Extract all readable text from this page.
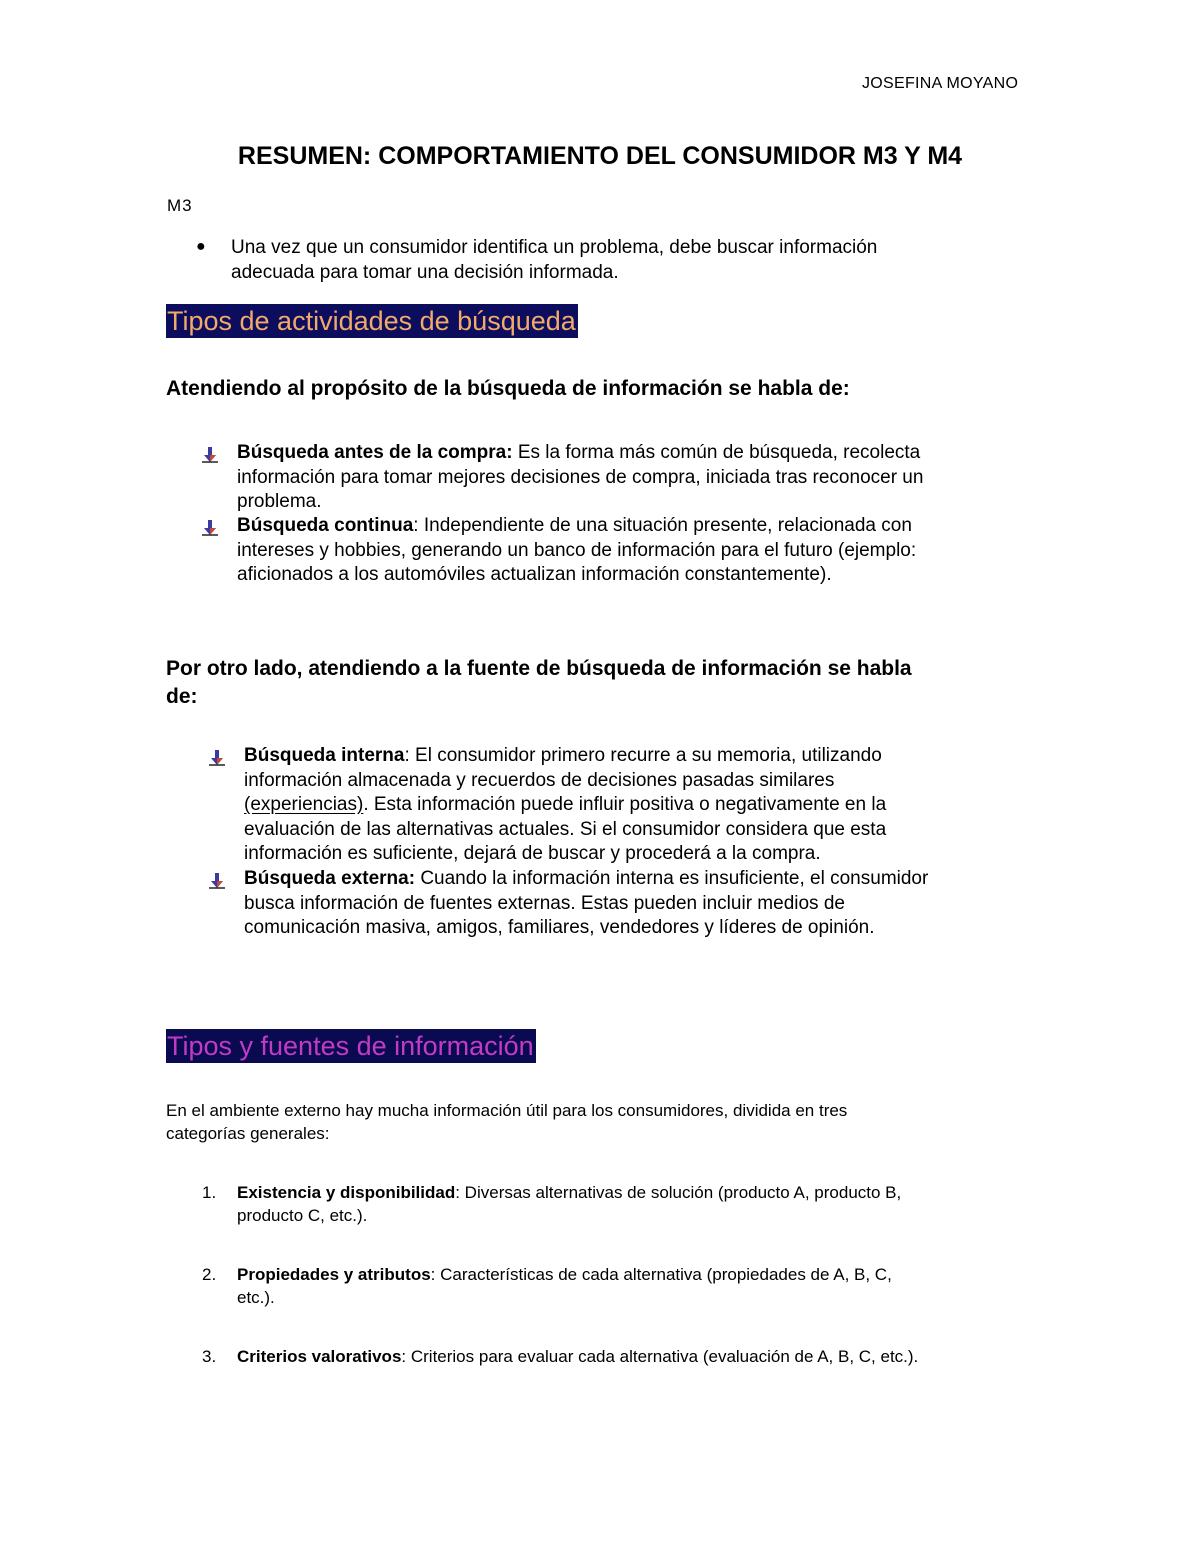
JOSEFINA MOYANO
RESUMEN: COMPORTAMIENTO DEL CONSUMIDOR M3 Y M4
M3
● Una vez que un consumidor identifica un problema, debe buscar información
adecuada para tomar una decisión informada.
Tipos de actividades de búsqueda
Atendiendo al propósito de la búsqueda de información se habla de:
Búsqueda antes de la compra: Es la forma más común de búsqueda, recolecta
información para tomar mejores decisiones de compra, iniciada tras reconocer un
problema.
Búsqueda continua: Independiente de una situación presente, relacionada con
intereses y hobbies, generando un banco de información para el futuro (ejemplo:
aficionados a los automóviles actualizan información constantemente).
Por otro lado, atendiendo a la fuente de búsqueda de información se habla
de:
Búsqueda interna: El consumidor primero recurre a su memoria, utilizando
información almacenada y recuerdos de decisiones pasadas similares
(experiencias). Esta información puede influir positiva o negativamente en la
evaluación de las alternativas actuales. Si el consumidor considera que esta
información es suficiente, dejará de buscar y procederá a la compra.
Búsqueda externa: Cuando la información interna es insuficiente, el consumidor
busca información de fuentes externas. Estas pueden incluir medios de
comunicación masiva, amigos, familiares, vendedores y líderes de opinión.
Tipos y fuentes de información
En el ambiente externo hay mucha información útil para los consumidores, dividida en tres
categorías generales:
1. Existencia y disponibilidad: Diversas alternativas de solución (producto A, producto B,
producto C, etc.).
2. Propiedades y atributos: Características de cada alternativa (propiedades de A, B, C,
etc.).
3. Criterios valorativos: Criterios para evaluar cada alternativa (evaluación de A, B, C, etc.).
